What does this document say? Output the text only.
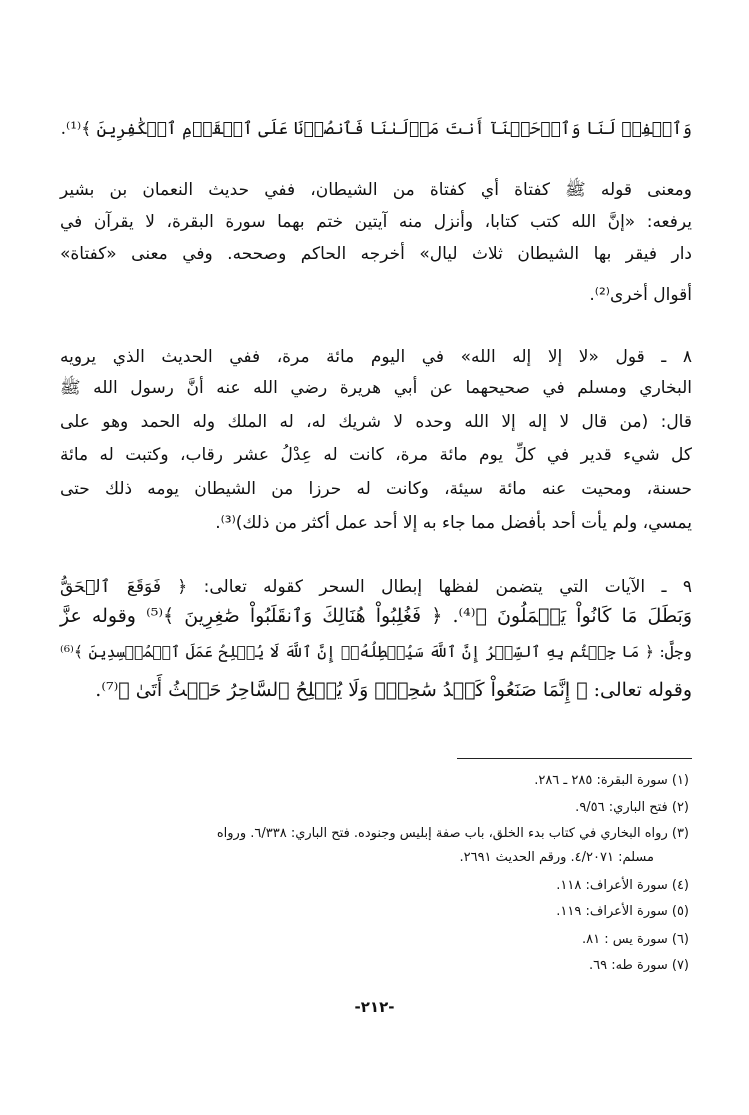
وَٱغۡفِرۡ لَنَا وَٱرۡحَمۡنَآ أَنتَ مَوۡلَىٰنَا فَٱنصُرۡنَا عَلَى ٱلۡقَوۡمِ ٱلۡكَٰفِرِينَ ﴾⁽¹⁾.
ومعنى قوله ﷺ كفتاة أي كفتاة من الشيطان، ففي حديث النعمان بن بشير
يرفعه: «إنَّ الله كتب كتابا، وأنزل منه آيتين ختم بهما سورة البقرة، لا يقرآن في
دار فيقر بها الشيطان ثلاث ليال» أخرجه الحاكم وصححه. وفي معنى «كفتاة»
أقوال أخرى⁽²⁾.
٨ ـ قول «لا إلا إله الله» في اليوم مائة مرة، ففي الحديث الذي يرويه
البخاري ومسلم في صحيحهما عن أبي هريرة رضي الله عنه أنَّ رسول الله ﷺ
قال: (من قال لا إله إلا الله وحده لا شريك له، له الملك وله الحمد وهو على
كل شيء قدير في كلِّ يوم مائة مرة، كانت له عِدْلُ عشر رقاب، وكتبت له مائة
حسنة، ومحيت عنه مائة سيئة، وكانت له حرزا من الشيطان يومه ذلك حتى
يمسي، ولم يأت أحد بأفضل مما جاء به إلا أحد عمل أكثر من ذلك)⁽³⁾.
٩ ـ الآيات التي يتضمن لفظها إبطال السحر كقوله تعالى: ﴿ فَوَقَعَ ٱلۡحَقُّ
وَبَطَلَ مَا كَانُواْ يَعۡمَلُونَ ﴾⁽⁴⁾. ﴿ فَغُلِبُواْ هُنَالِكَ وَٱنقَلَبُواْ صَٰغِرِينَ ﴾⁽⁵⁾ وقوله عزَّ
وجلَّ: ﴿ مَا جِئۡتُم بِهِ ٱلسِّحۡرُ إِنَّ ٱللَّهَ سَيُبۡطِلُهُۥٓ إِنَّ ٱللَّهَ لَا يُصۡلِحُ عَمَلَ ٱلۡمُفۡسِدِينَ ﴾⁽⁶⁾
وقوله تعالى: ﴿ إِنَّمَا صَنَعُواْ كَيۡدُ سَٰحِرٖۖ وَلَا يُفۡلِحُ ٱلسَّاحِرُ حَيۡثُ أَتَىٰ ﴾⁽⁷⁾.
(١) سورة البقرة: ٢٨٥ ـ ٢٨٦.
(٢) فتح الباري: ٩/٥٦.
(٣) رواه البخاري في كتاب بدء الخلق، باب صفة إبليس وجنوده. فتح الباري: ٦/٣٣٨. ورواه
مسلم: ٤/٢٠٧١. ورقم الحديث ٢٦٩١.
(٤) سورة الأعراف: ١١٨.
(٥) سورة الأعراف: ١١٩.
(٦) سورة يس : ٨١.
(٧) سورة طه: ٦٩.
-٢١٢-
